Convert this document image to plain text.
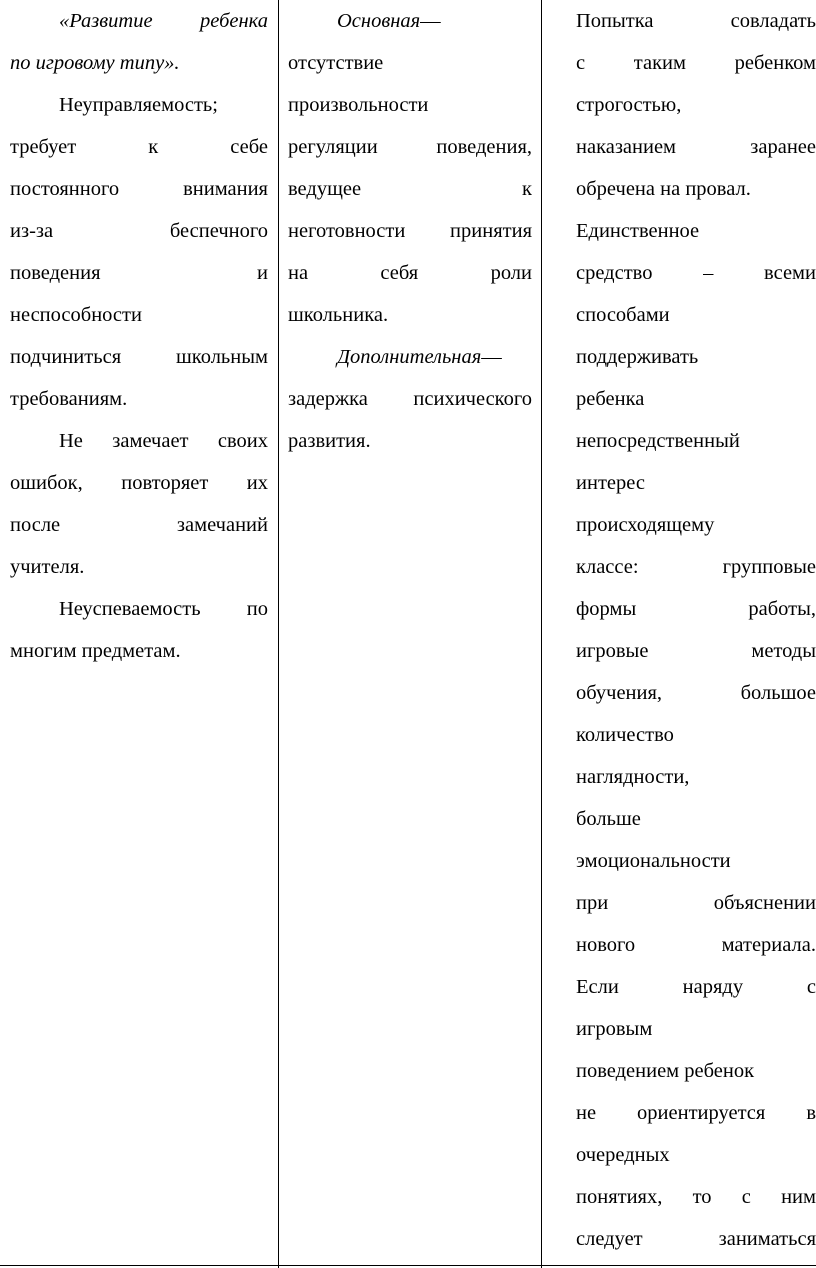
«Развитие ребенка
по игровому типу».
Неуправляемость;
требует к себе
постоянного внимания
из-за беспечного
поведения и
неспособности
подчиниться школьным
требованиям.
Не замечает своих
ошибок, повторяет их
после замечаний
учителя.
Неуспеваемость по
многим предметам.
Основная—
отсутствие
произвольности
регуляции поведения,
ведущее к
неготовности принятия
на себя роли
школьника.
Дополнительная—
задержка психического
развития.
Попытка совладать
с таким ребенком
строгостью,
наказанием заранее
обречена на провал.
Единственное
средство – всеми
способами
поддерживать
ребенка
непосредственный
интерес
происходящему
классе: групповые
формы работы,
игровые методы
обучения, большое
количество
наглядности,
больше
эмоциональности
при объяснении
нового материала.
Если наряду с
игровым
поведением ребенок
не ориентируется в
очередных
понятиях, то с ним
следует заниматься
